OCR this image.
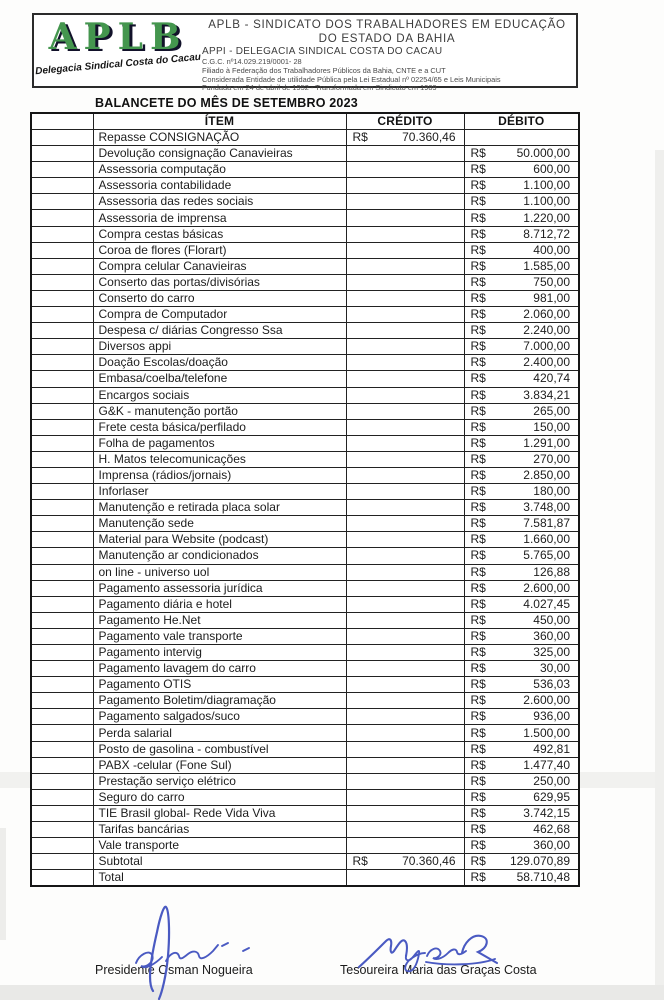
APLB
Delegacia Sindical Costa do Cacau
APLB - SINDICATO DOS TRABALHADORES EM EDUCAÇÃO
DO ESTADO DA BAHIA
APPI - DELEGACIA SINDICAL COSTA DO CACAU
C.G.C. nº14.029.219/0001- 28
Filiado à Federação dos Trabalhadores Públicos da Bahia, CNTE e a CUT
Considerada Entidade de utilidade Pública pela Lei Estadual nº 02254/65 e Leis Municipais
Fundada em 24 de abril de 1952 - Transformada em Sindicato em 1989
BALANCETE DO MÊS DE SETEMBRO 2023
	ÍTEM	CRÉDITO	DÉBITO
	Repasse CONSIGNAÇÃO	R$ 70.360,46	

	Devolução consignação Canavieiras		R$ 50.000,00

	Assessoria computação		R$ 600,00

	Assessoria contabilidade		R$ 1.100,00

	Assessoria das redes sociais		R$ 1.100,00

	Assessoria de imprensa		R$ 1.220,00

	Compra cestas básicas		R$ 8.712,72

	Coroa de flores (Florart)		R$ 400,00

	Compra celular Canavieiras		R$ 1.585,00

	Conserto das portas/divisórias		R$ 750,00

	Conserto do carro		R$ 981,00

	Compra de Computador		R$ 2.060,00

	Despesa c/ diárias Congresso Ssa		R$ 2.240,00

	Diversos appi		R$ 7.000,00

	Doação Escolas/doação		R$ 2.400,00

	Embasa/coelba/telefone		R$ 420,74

	Encargos sociais		R$ 3.834,21

	G&K - manutenção portão		R$ 265,00

	Frete cesta básica/perfilado		R$ 150,00

	Folha de pagamentos		R$ 1.291,00

	H. Matos telecomunicações		R$ 270,00

	Imprensa (rádios/jornais)		R$ 2.850,00

	Inforlaser		R$ 180,00

	Manutenção e retirada placa solar		R$ 3.748,00

	Manutenção sede		R$ 7.581,87

	Material para Website (podcast)		R$ 1.660,00

	Manutenção ar condicionados		R$ 5.765,00

	on line - universo uol		R$ 126,88

	Pagamento assessoria jurídica		R$ 2.600,00

	Pagamento diária e hotel		R$ 4.027,45

	Pagamento He.Net		R$ 450,00

	Pagamento vale transporte		R$ 360,00

	Pagamento intervig		R$ 325,00

	Pagamento lavagem do carro		R$ 30,00

	Pagamento OTIS		R$ 536,03

	Pagamento Boletim/diagramação		R$ 2.600,00

	Pagamento salgados/suco		R$ 936,00

	Perda salarial		R$ 1.500,00

	Posto de gasolina - combustível		R$ 492,81

	PABX -celular (Fone Sul)		R$ 1.477,40

	Prestação serviço elétrico		R$ 250,00

	Seguro do carro		R$ 629,95

	TIE Brasil global- Rede Vida Viva		R$ 3.742,15

	Tarifas bancárias		R$ 462,68

	Vale transporte		R$ 360,00

	Subtotal	R$ 70.360,46	R$ 129.070,89

	Total		R$ 58.710,48
Presidente Osman Nogueira	Tesoureira Maria das Graças Costa
